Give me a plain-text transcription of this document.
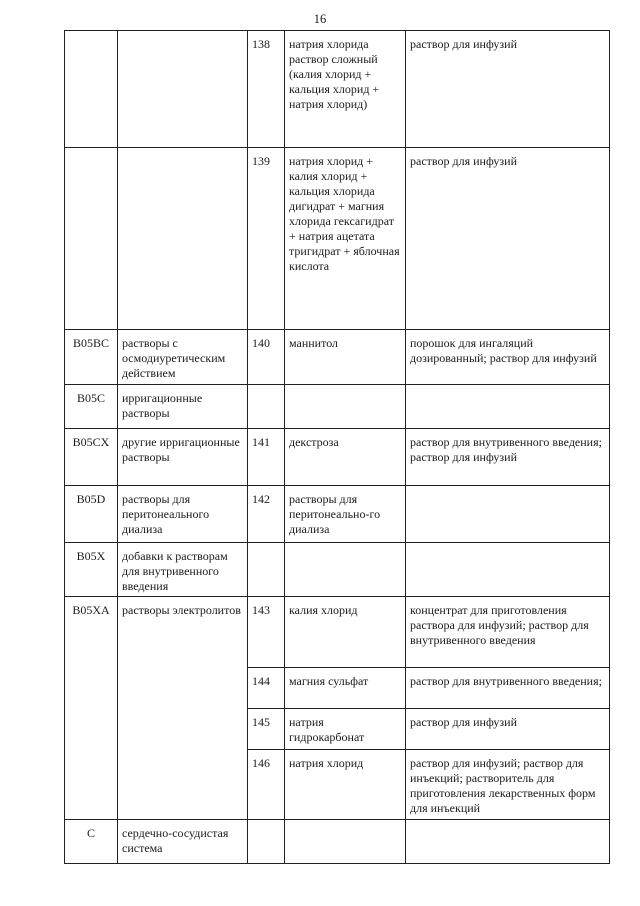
16
		138	натрия хлорида раствор сложный (калия хлорид + кальция хлорид + натрия хлорид)	раствор для инфузий
		139	натрия хлорид + калия хлорид + кальция хлорида дигидрат + магния хлорида гексагидрат + натрия ацетата тригидрат + яблочная кислота	раствор для инфузий
B05BC	растворы с осмодиуретическим действием	140	маннитол	порошок для ингаляций дозированный; раствор для инфузий
B05C	ирригационные растворы			
B05CX	другие ирригационные растворы	141	декстроза	раствор для внутривенного введения; раствор для инфузий
B05D	растворы для перитонеального диализа	142	растворы для перитонеально-го диализа	
B05X	добавки к растворам для внутривенного введения			
B05XA	растворы электролитов	143	калия хлорид	концентрат для приготовления раствора для инфузий; раствор для внутривенного введения
		144	магния сульфат	раствор для внутривенного введения;
		145	натрия гидрокарбонат	раствор для инфузий
		146	натрия хлорид	раствор для инфузий; раствор для инъекций; растворитель для приготовления лекарственных форм для инъекций
C	сердечно-сосудистая система			
